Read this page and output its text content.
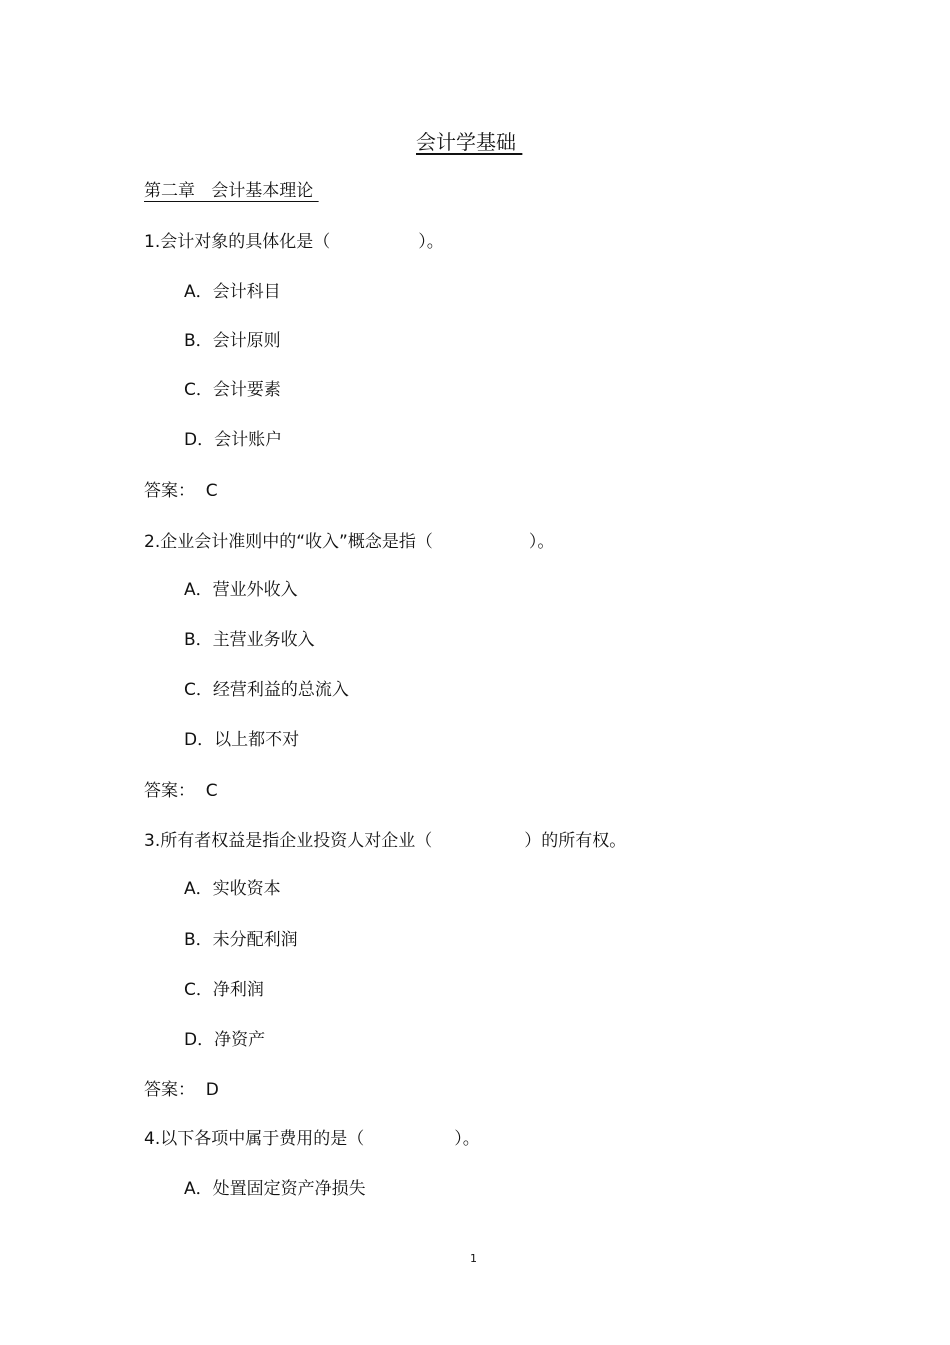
会计学基础
第二章   会计基本理论
1.会计对象的具体化是（	）。
A．会计科目
B．会计原则
C．会计要素
D．会计账户
答案：  C
2.企业会计准则中的“收入”概念是指（	）。
A．营业外收入
B．主营业务收入
C．经营利益的总流入
D．以上都不对
答案：  C
3.所有者权益是指企业投资人对企业（	）的所有权。
A．实收资本
B．未分配利润
C．净利润
D．净资产
答案：  D
4.以下各项中属于费用的是（	）。
A．处置固定资产净损失
1
